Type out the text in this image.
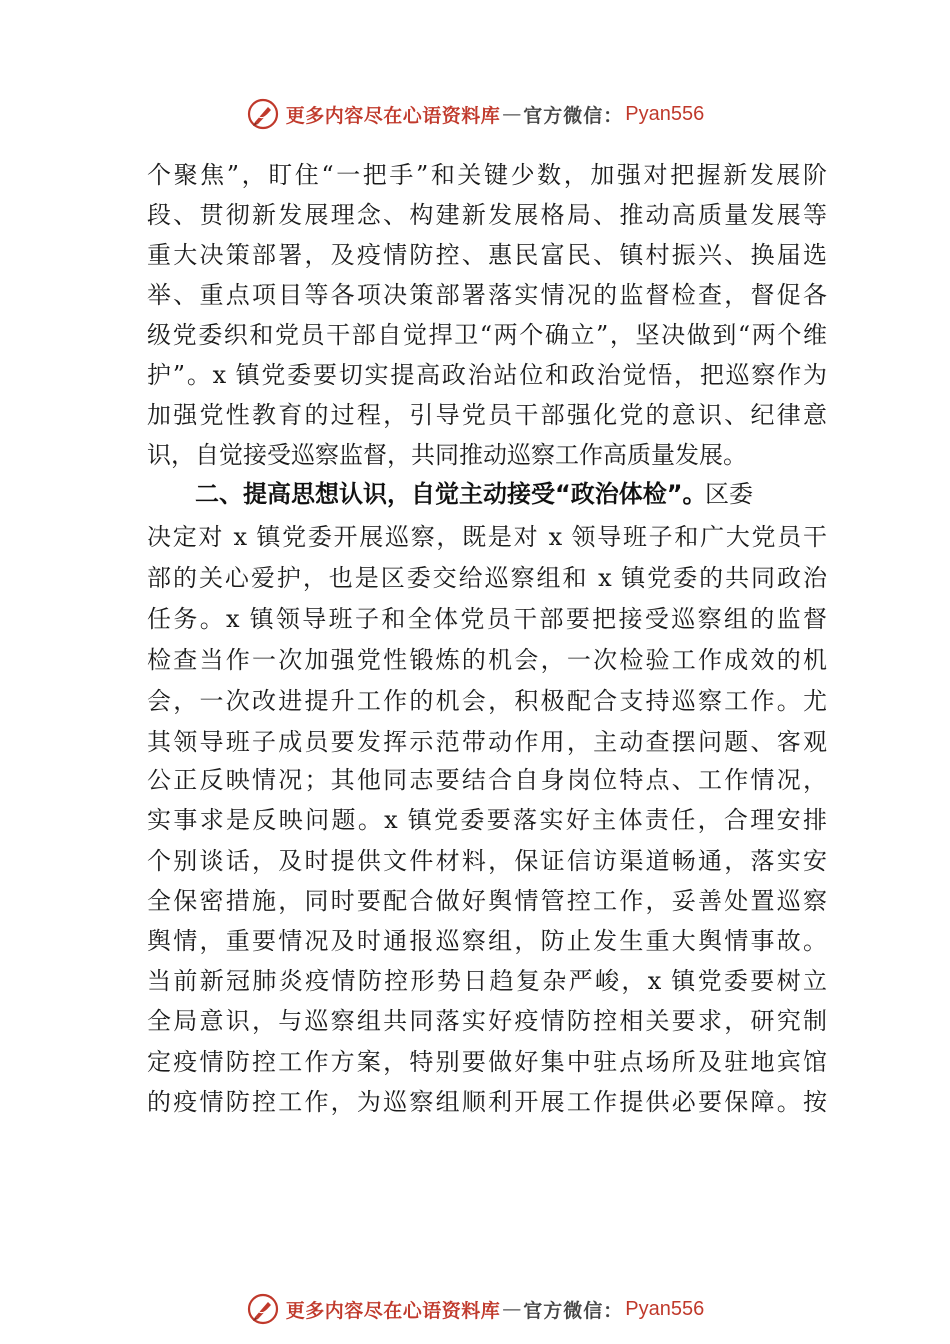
更多内容尽在心语资料库 — 官方微信： Pyan556
个聚焦”，盯住“一把手”和关键少数，加强对把握新发展阶
段、贯彻新发展理念、构建新发展格局、推动高质量发展等
重大决策部署，及疫情防控、惠民富民、镇村振兴、换届选
举、重点项目等各项决策部署落实情况的监督检查，督促各
级党委织和党员干部自觉捍卫“两个确立”，坚决做到“两个维
护”。x 镇党委要切实提高政治站位和政治觉悟，把巡察作为
加强党性教育的过程，引导党员干部强化党的意识、纪律意
识，自觉接受巡察监督，共同推动巡察工作高质量发展。
二、提高思想认识，自觉主动接受“政治体检”。
区委
决定对 x 镇党委开展巡察，既是对 x 领导班子和广大党员干
部的关心爱护，也是区委交给巡察组和 x 镇党委的共同政治
任务。x 镇领导班子和全体党员干部要把接受巡察组的监督
检查当作一次加强党性锻炼的机会，一次检验工作成效的机
会，一次改进提升工作的机会，积极配合支持巡察工作。尤
其领导班子成员要发挥示范带动作用，主动查摆问题、客观
公正反映情况；其他同志要结合自身岗位特点、工作情况，
实事求是反映问题。x 镇党委要落实好主体责任，合理安排
个别谈话，及时提供文件材料，保证信访渠道畅通，落实安
全保密措施，同时要配合做好舆情管控工作，妥善处置巡察
舆情，重要情况及时通报巡察组，防止发生重大舆情事故。
当前新冠肺炎疫情防控形势日趋复杂严峻，x 镇党委要树立
全局意识，与巡察组共同落实好疫情防控相关要求，研究制
定疫情防控工作方案，特别要做好集中驻点场所及驻地宾馆
的疫情防控工作，为巡察组顺利开展工作提供必要保障。按
更多内容尽在心语资料库 — 官方微信： Pyan556
